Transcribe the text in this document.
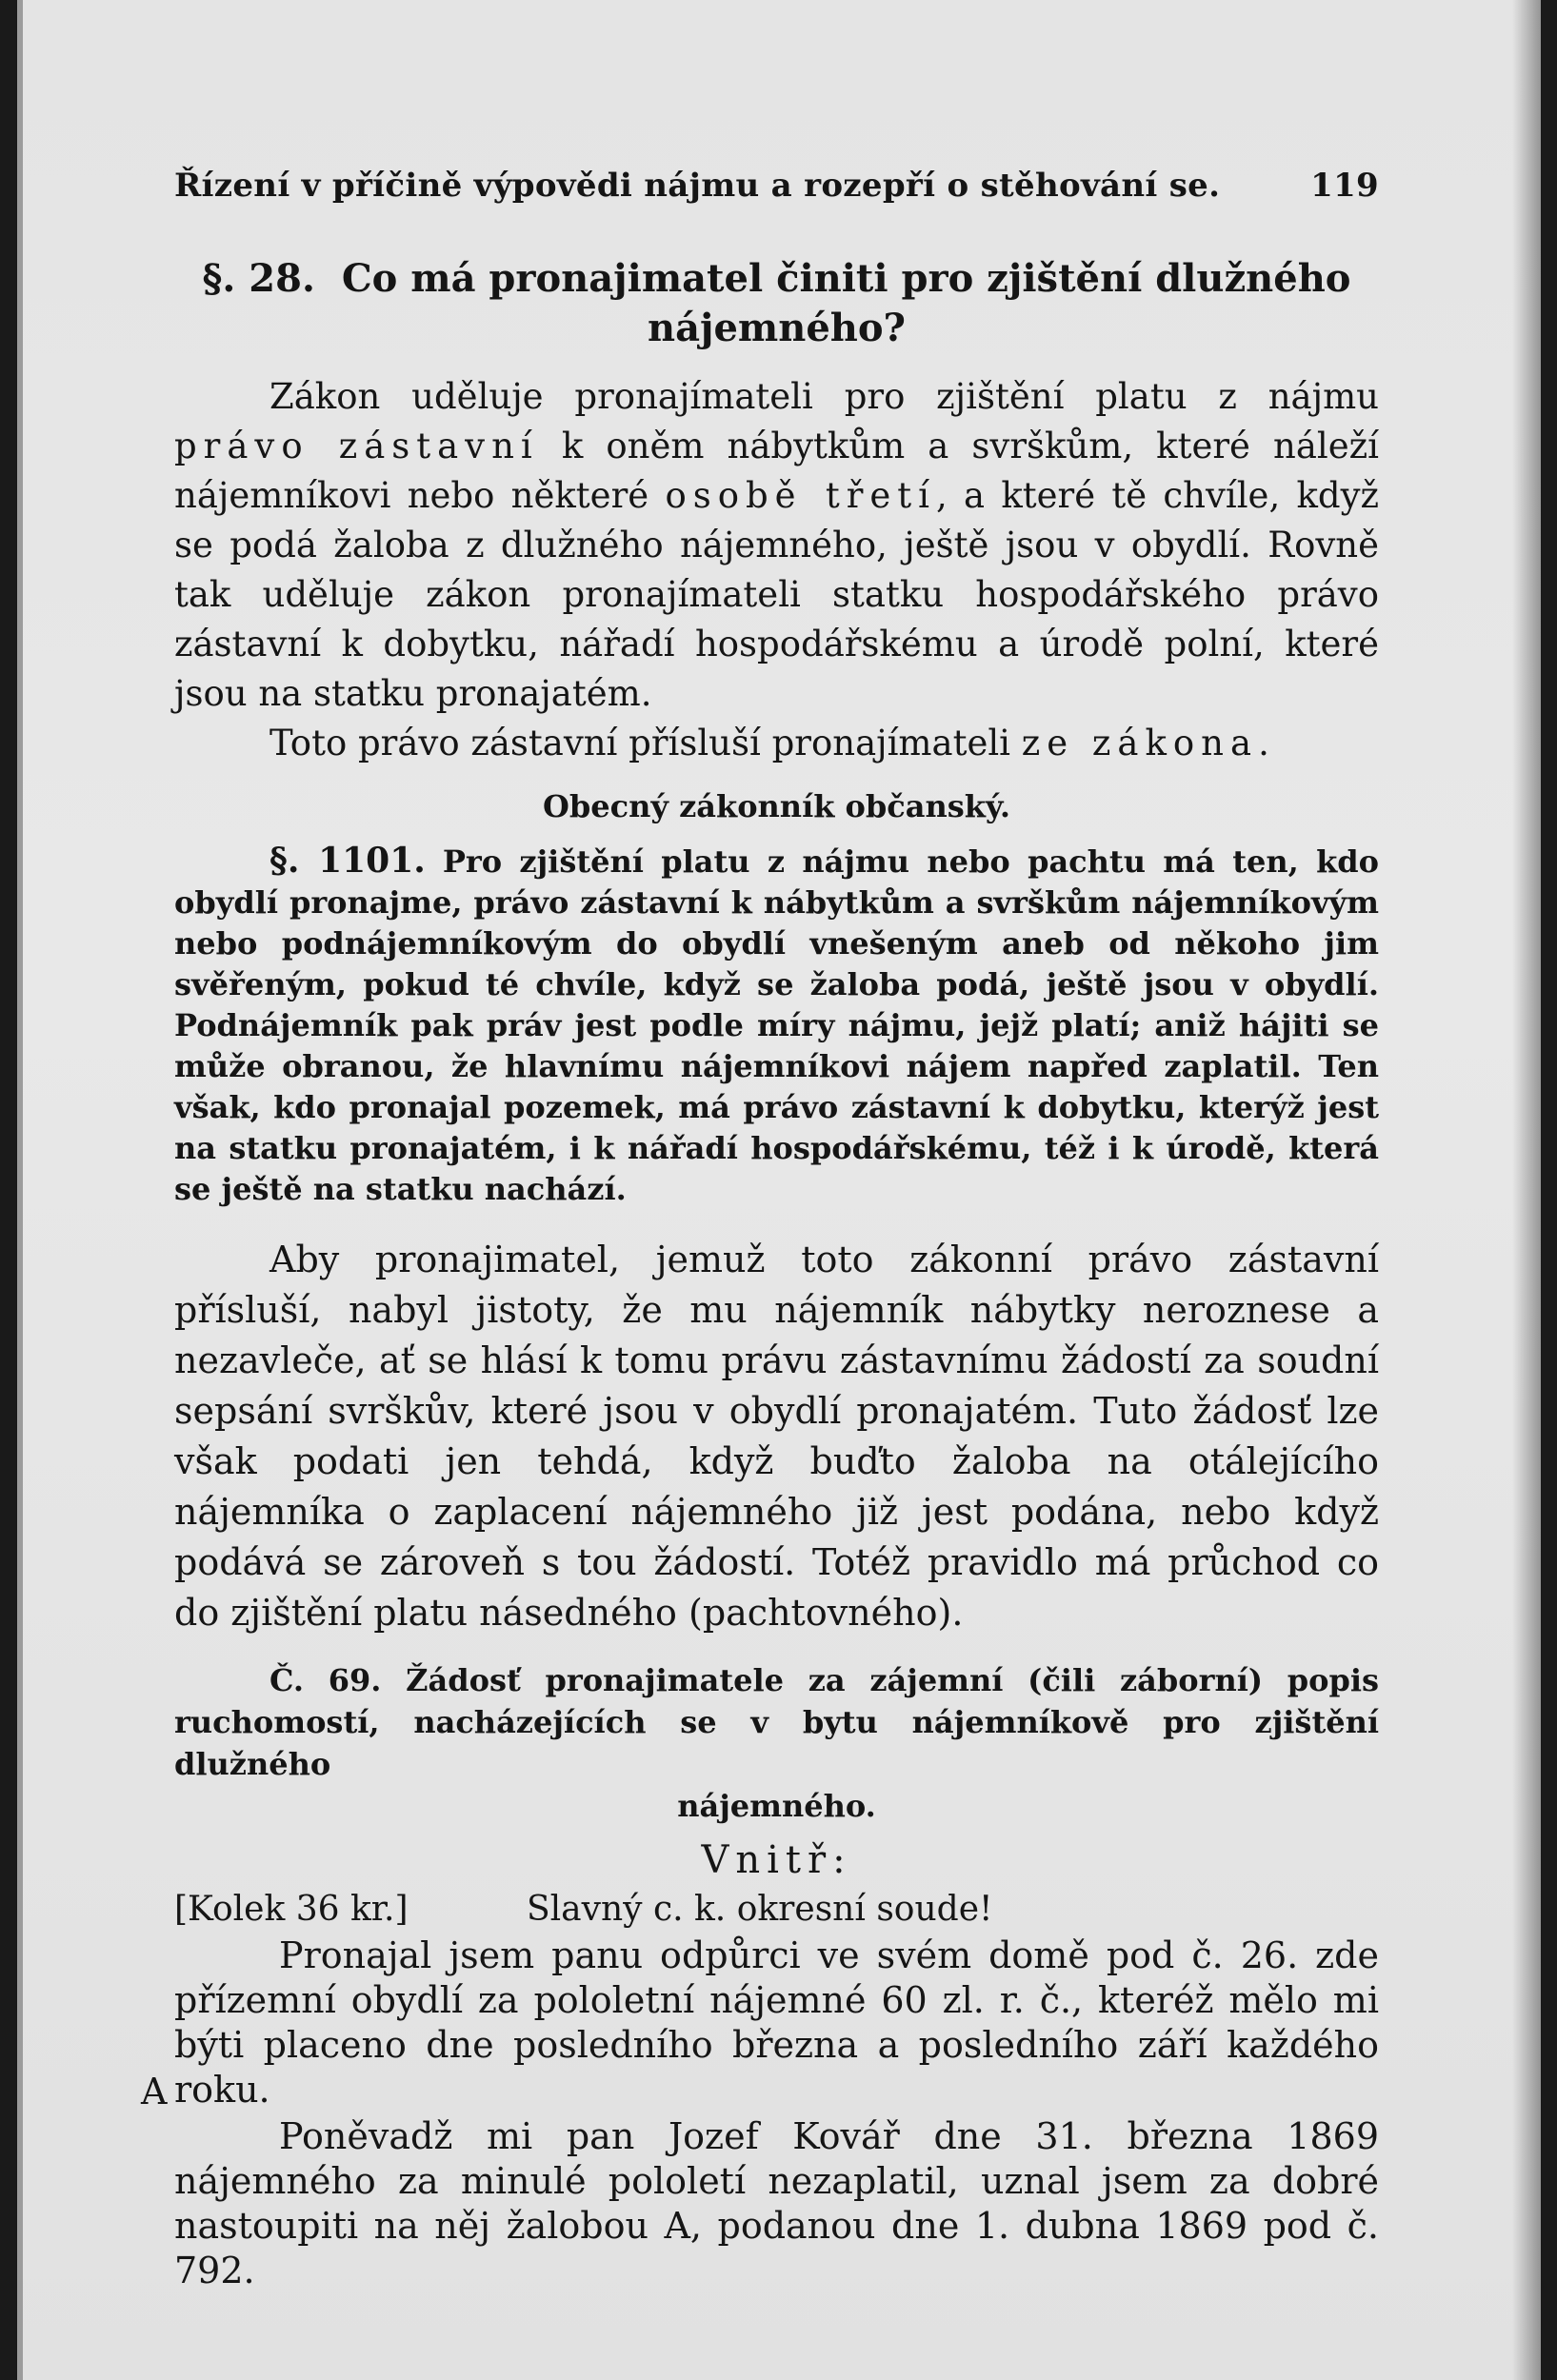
Řízení v příčině výpovědi nájmu a rozepří o stěhování se.	119
§. 28. Co má pronajimatel činiti pro zjištění dlužného nájemného?

Zákon uděluje pronajímateli pro zjištění platu z nájmu právo zástavní k oněm nábytkům a svrškům, které náleží nájemníkovi nebo některé osobě třetí, a které tě chvíle, když se podá žaloba z dlužného nájemného, ještě jsou v obydlí. Rovně tak uděluje zákon pronajímateli statku hospodářského právo zástavní k dobytku, nářadí hospodářskému a úrodě polní, které jsou na statku pronajatém.

Toto právo zástavní přísluší pronajímateli ze zákona.

Obecný zákonník občanský.
§. 1101. Pro zjištění platu z nájmu nebo pachtu má ten, kdo obydlí pronajme, právo zástavní k nábytkům a svrškům nájemníkovým nebo podnájemníkovým do obydlí vnešeným aneb od někoho jim svěřeným, pokud té chvíle, když se žaloba podá, ještě jsou v obydlí. Podnájemník pak práv jest podle míry nájmu, jejž platí; aniž hájiti se může obranou, že hlavnímu nájemníkovi nájem napřed zaplatil. Ten však, kdo pronajal pozemek, má právo zástavní k dobytku, kterýž jest na statku pronajatém, i k nářadí hospodářskému, též i k úrodě, která se ještě na statku nachází.

Aby pronajimatel, jemuž toto zákonní právo zástavní přísluší, nabyl jistoty, že mu nájemník nábytky neroznese a nezavleče, ať se hlásí k tomu právu zástavnímu žádostí za soudní sepsání svrškův, které jsou v obydlí pronajatém. Tuto žádosť lze však podati jen tehdá, když buďto žaloba na otálejícího nájemníka o zaplacení nájemného již jest podána, nebo když podává se zároveň s tou žádostí. Totéž pravidlo má průchod co do zjištění platu násedného (pachtovného).

Č. 69. Žádosť pronajimatele za zájemní (čili záborní) popis ruchomostí, nacházejících se v bytu nájemníkově pro zjištění dlužného
nájemného.
Vnitř:
[Kolek 36 kr.]	Slavný c. k. okresní soude!

Pronajal jsem panu odpůrci ve svém domě pod č. 26. zde přízemní obydlí za pololetní nájemné 60 zl. r. č., kteréž mělo mi býti placeno dne posledního března a posledního září každého roku.

Poněvadž mi pan Jozef Kovář dne 31. března 1869 nájemného za minulé pololetí nezaplatil, uznal jsem za dobré nastoupiti na něj žalobou A, podanou dne 1. dubna 1869 pod č. 792.

A
